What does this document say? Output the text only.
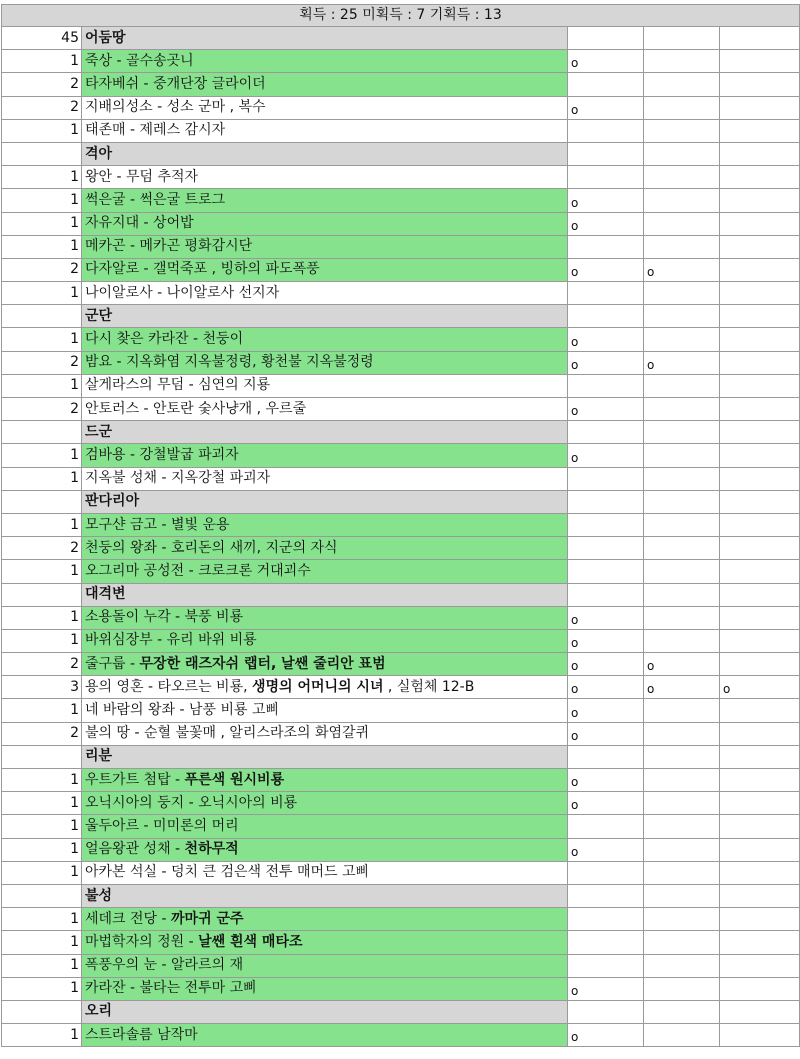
획득 : 25 미획득 : 7 기획득 : 13				
45	어둠땅			
1	죽상 - 골수송곳니	o		
2	타자베쉬 - 중개단장 글라이더			
2	지배의성소 - 성소 군마 , 복수	o		
1	태존매 - 제레스 감시자			
	격아			
1	왕안 - 무덤 추적자			
1	썩은굴 - 썩은굴 트로그	o		
1	자유지대 - 상어밥	o		
1	메카곤 - 메카곤 평화감시단			
2	다자알로 - 갤먹죽포 , 빙하의 파도폭풍	o	o	
1	나이알로사 - 나이알로사 선지자			
	군단			
1	다시 찾은 카라잔 - 천둥이	o		
2	밤요 - 지옥화염 지옥불정령, 황천불 지옥불정령	o	o	
1	살게라스의 무덤 - 심연의 지룡			
2	안토러스 - 안토란 숯사냥개 , 우르줄	o		
	드군			
1	검바용 - 강철발굽 파괴자	o		
1	지옥불 성채 - 지옥강철 파괴자			
	판다리아			
1	모구샨 금고 - 별빛 운용			
2	천둥의 왕좌 - 호리돈의 새끼, 지군의 자식			
1	오그리마 공성전 - 크로크론 거대괴수			
	대격변			
1	소용돌이 누각 - 북풍 비룡	o		
1	바위심장부 - 유리 바위 비룡	o		
2	줄구룹 - 무장한 래즈자쉬 랩터, 날쌘 줄리안 표범	o	o	
3	용의 영혼 - 타오르는 비룡, 생명의 어머니의 시녀 , 실험체 12-B	o	o	o
1	네 바람의 왕좌 - 남풍 비룡 고삐	o		
2	불의 땅 - 순혈 불꽃매 , 알리스라조의 화염갈퀴	o		
	리분			
1	우트가트 첨탑 - 푸른색 원시비룡	o		
1	오닉시아의 둥지 - 오닉시아의 비룡	o		
1	울두아르 - 미미론의 머리			
1	얼음왕관 성채 - 천하무적	o		
1	아카본 석실 - 덩치 큰 검은색 전투 매머드 고삐			
	불성			
1	세데크 전당 - 까마귀 군주			
1	마법학자의 정원 - 날쌘 흰색 매타조			
1	폭풍우의 눈 - 알라르의 재			
1	카라잔 - 불타는 전투마 고삐	o		
	오리			
1	스트라솔름 남작마	o		
